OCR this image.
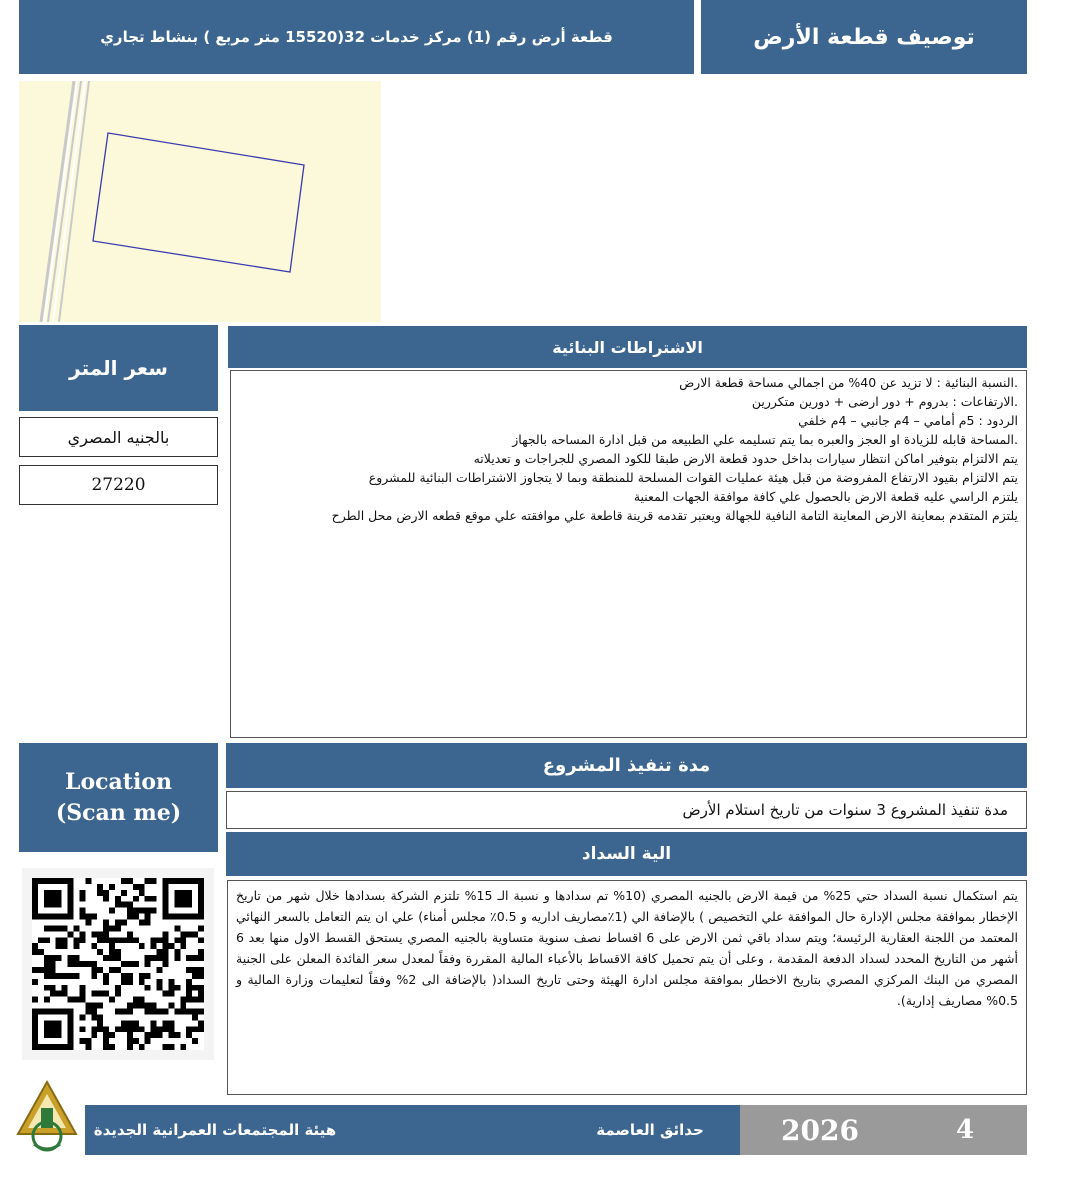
توصيف قطعة الأرض
قطعة أرض رقم (1) مركز خدمات 32(15520 متر مربع ) بنشاط تجاري
سعر المتر
بالجنيه المصري
27220
الاشتراطات البنائية
.النسبة البنائية : لا تزيد عن 40% من اجمالي مساحة قطعة الارض
.الارتفاعات : بدروم + دور ارضى + دورين متكررين
الردود : 5م أمامي – 4م جانبي – 4م خلفي
.المساحة قابله للزيادة او العجز والعبره بما يتم تسليمه علي الطبيعه من قبل ادارة المساحه بالجهاز
يتم الالتزام بتوفير اماكن انتظار سيارات بداخل حدود قطعة الارض طبقا للكود المصري للجراجات و تعديلاته
يتم الالتزام بقيود الارتفاع المفروضة من قبل هيئة عمليات القوات المسلحة للمنطقة وبما لا يتجاوز الاشتراطات البنائية للمشروع
يلتزم الراسي عليه قطعة الارض بالحصول علي كافة موافقة الجهات المعنية
يلتزم المتقدم بمعاينة الارض المعاينة التامة النافية للجهالة ويعتبر تقدمه قرينة قاطعة علي موافقته علي موقع قطعه الارض محل الطرح
Location
(Scan me)
مدة تنفيذ المشروع
مدة تنفيذ المشروع 3 سنوات من تاريخ استلام الأرض
الية السداد
يتم استكمال نسبة السداد حتي 25% من قيمة الارض بالجنيه المصري (10% تم سدادها و نسبة الـ 15% تلتزم الشركة بسدادها خلال شهر من تاريخ الإخطار بموافقة مجلس الإدارة حال الموافقة علي التخصيص ) بالإضافة الي (1٪مصاريف اداريه و 0.5٪ مجلس أمناء) علي ان يتم التعامل بالسعر النهائي المعتمد من اللجنة العقارية الرئيسة؛ ويتم سداد باقي ثمن الارض على 6 اقساط نصف سنوية متساوية بالجنيه المصري يستحق القسط الاول منها بعد 6 أشهر من التاريخ المحدد لسداد الدفعة المقدمة ، وعلى أن يتم تحميل كافة الاقساط بالأعباء المالية المقررة وفقاً لمعدل سعر الفائدة المعلن على الجنية المصري من البنك المركزي المصري بتاريخ الاخطار بموافقة مجلس ادارة الهيئة وحتى تاريخ السداد( بالإضافة الى 2% وفقاً لتعليمات وزارة المالية و 0.5% مصاريف إدارية).
هيئة المجتمعات العمرانية الجديدة	حدائق العاصمة	2026	4
